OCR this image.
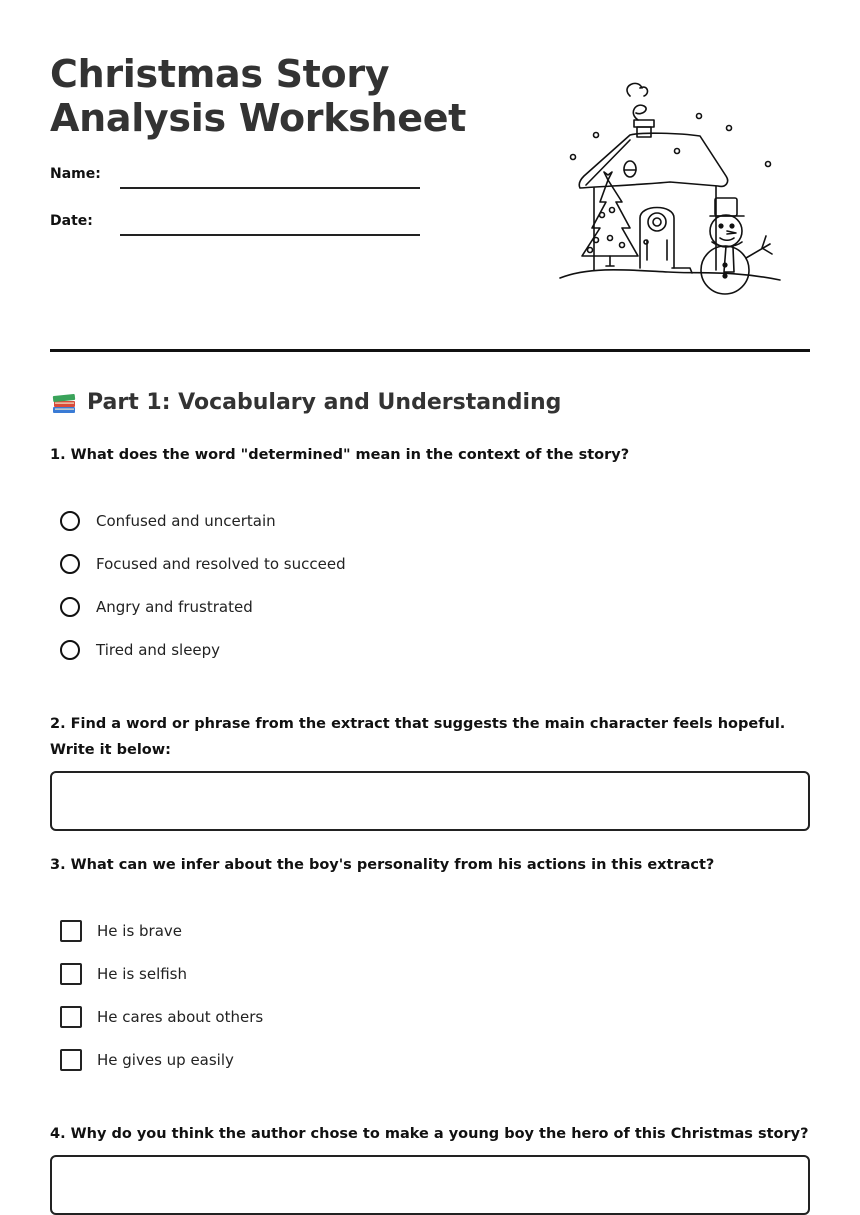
Christmas Story
Analysis Worksheet
Name:
Date:
Part 1: Vocabulary and Understanding

1. What does the word "determined" mean in the context of the story?

Confused and uncertain
Focused and resolved to succeed
Angry and frustrated
Tired and sleepy

2. Find a word or phrase from the extract that suggests the main character feels hopeful. Write it below:

3. What can we infer about the boy's personality from his actions in this extract?

He is brave
He is selfish
He cares about others
He gives up easily

4. Why do you think the author chose to make a young boy the hero of this Christmas story?
